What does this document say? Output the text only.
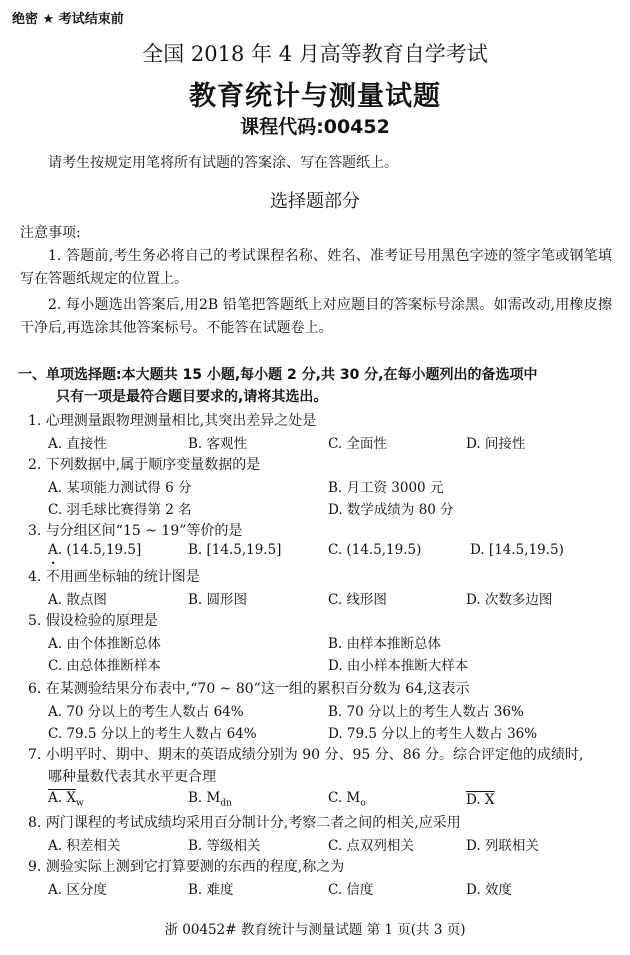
绝密 ★ 考试结束前
全国 2018 年 4 月高等教育自学考试
教育统计与测量试题
课程代码:00452
请考生按规定用笔将所有试题的答案涂、写在答题纸上。
选择题部分
注意事项:
1. 答题前,考生务必将自己的考试课程名称、姓名、准考证号用黑色字迹的签字笔或钢笔填写在答题纸规定的位置上。
2. 每小题选出答案后,用2B 铅笔把答题纸上对应题目的答案标号涂黑。如需改动,用橡皮擦干净后,再选涂其他答案标号。不能答在试题卷上。
一、单项选择题:本大题共 15 小题,每小题 2 分,共 30 分,在每小题列出的备选项中
只有一项是最符合题目要求的,请将其选出。
1. 心理测量跟物理测量相比,其突出差异之处是
A. 直接性	B. 客观性	C. 全面性	D. 间接性
2. 下列数据中,属于顺序变量数据的是
A. 某项能力测试得 6 分	B. 月工资 3000 元
C. 羽毛球比赛得第 2 名	D. 数学成绩为 80 分
3. 与分组区间“15 ~ 19”等价的是
A. (14.5,19.5]	B. [14.5,19.5]	C. (14.5,19.5)	D. [14.5,19.5)
4. 不用画坐标轴的统计图是
A. 散点图	B. 圆形图	C. 线形图	D. 次数多边图
5. 假设检验的原理是
A. 由个体推断总体	B. 由样本推断总体
C. 由总体推断样本	D. 由小样本推断大样本
6. 在某测验结果分布表中,“70 ~ 80”这一组的累积百分数为 64,这表示
A. 70 分以上的考生人数占 64%	B. 70 分以上的考生人数占 36%
C. 79.5 分以上的考生人数占 64%	D. 79.5 分以上的考生人数占 36%
7. 小明平时、期中、期末的英语成绩分别为 90 分、95 分、86 分。综合评定他的成绩时,
哪种量数代表其水平更合理
A. $X_w$	B. $M_{dn}$	C. $M_o$	D. X
8. 两门课程的考试成绩均采用百分制计分,考察二者之间的相关,应采用
A. 积差相关	B. 等级相关	C. 点双列相关	D. 列联相关
9. 测验实际上测到它打算要测的东西的程度,称之为
A. 区分度	B. 难度	C. 信度	D. 效度
浙 00452# 教育统计与测量试题 第 1 页(共 3 页)
